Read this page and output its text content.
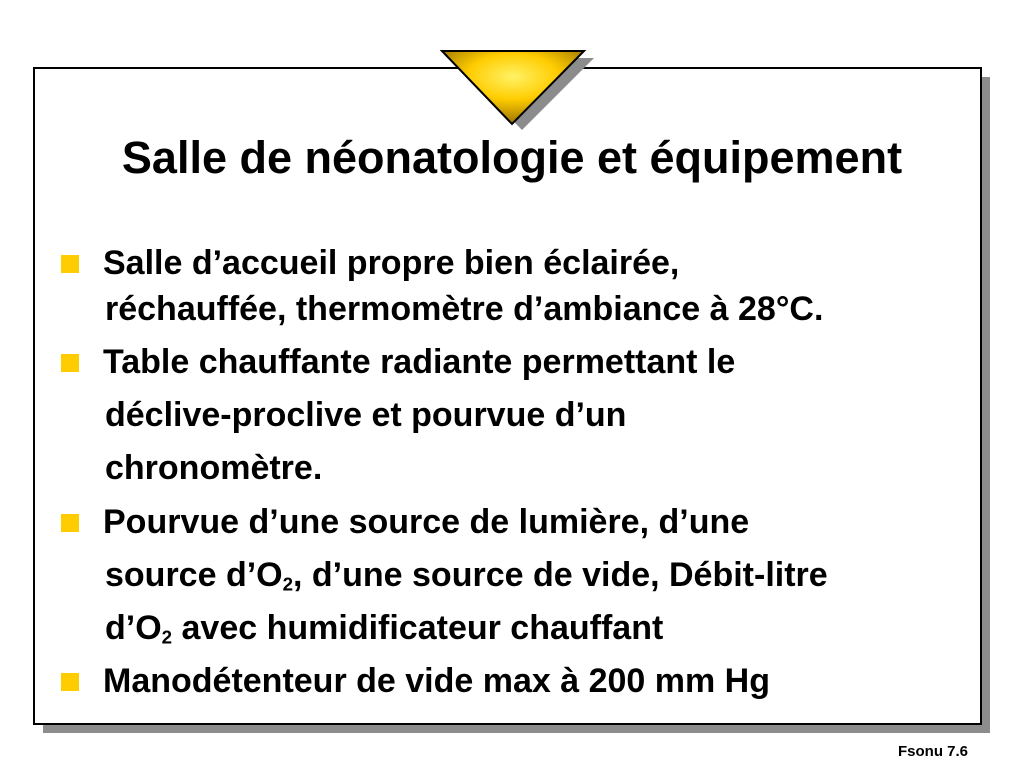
Salle de néonatologie et équipement
Salle d’accueil propre bien éclairée,
réchauffée, thermomètre d’ambiance à 28°C.
Table chauffante radiante permettant le
déclive-proclive et pourvue d’un
chronomètre.
Pourvue d’une source de lumière, d’une
source $d’O_2$, d’une source de vide, Débit-litre
$d’O_2$ avec humidificateur chauffant
Manodétenteur de vide max à 200 mm Hg
Fsonu 7.6
